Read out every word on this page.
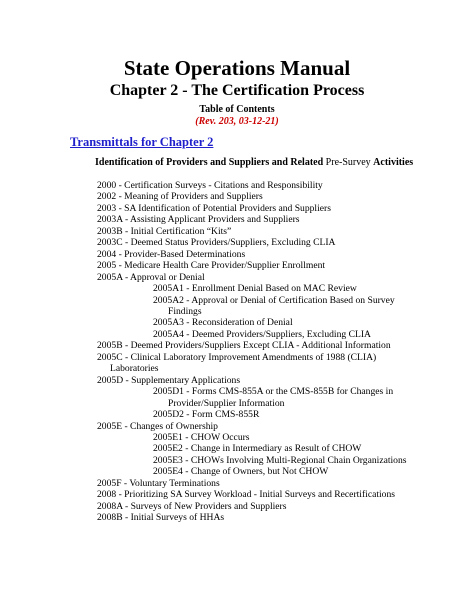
State Operations Manual
Chapter 2 - The Certification Process
Table of Contents
(Rev. 203, 03-12-21)
Transmittals for Chapter 2
Identification of Providers and Suppliers and Related Pre-Survey Activities
2000 - Certification Surveys - Citations and Responsibility
2002 - Meaning of Providers and Suppliers
2003 - SA Identification of Potential Providers and Suppliers
2003A - Assisting Applicant Providers and Suppliers
2003B - Initial Certification “Kits”
2003C - Deemed Status Providers/Suppliers, Excluding CLIA
2004 - Provider-Based Determinations
2005 - Medicare Health Care Provider/Supplier Enrollment
2005A - Approval or Denial
2005A1 - Enrollment Denial Based on MAC Review
2005A2 - Approval or Denial of Certification Based on Survey
Findings
2005A3 - Reconsideration of Denial
2005A4 - Deemed Providers/Suppliers, Excluding CLIA
2005B - Deemed Providers/Suppliers Except CLIA - Additional Information
2005C - Clinical Laboratory Improvement Amendments of 1988 (CLIA)
Laboratories
2005D - Supplementary Applications
2005D1 - Forms CMS-855A or the CMS-855B for Changes in
Provider/Supplier Information
2005D2 - Form CMS-855R
2005E - Changes of Ownership
2005E1 - CHOW Occurs
2005E2 - Change in Intermediary as Result of CHOW
2005E3 - CHOWs Involving Multi-Regional Chain Organizations
2005E4 - Change of Owners, but Not CHOW
2005F - Voluntary Terminations
2008 - Prioritizing SA Survey Workload - Initial Surveys and Recertifications
2008A - Surveys of New Providers and Suppliers
2008B - Initial Surveys of HHAs
